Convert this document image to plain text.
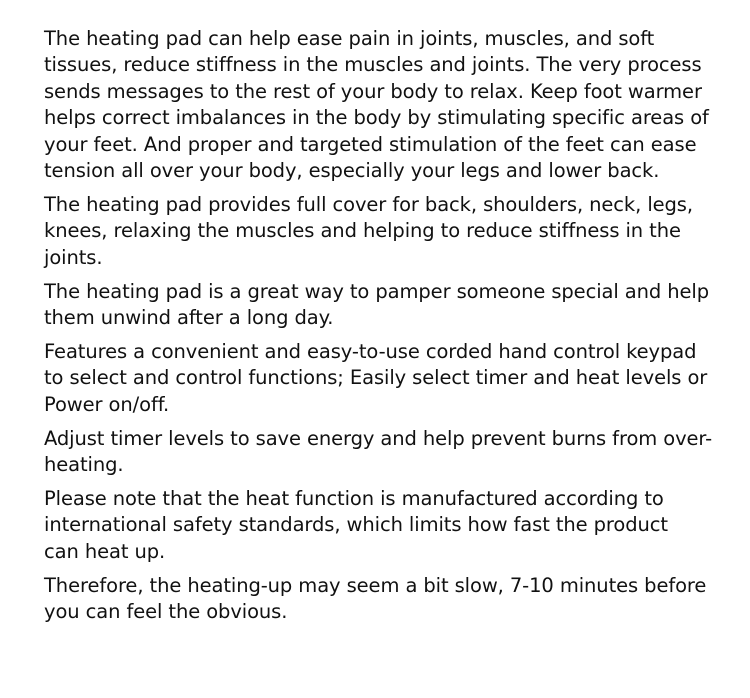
The heating pad can help ease pain in joints, muscles, and soft
tissues, reduce stiffness in the muscles and joints. The very process
sends messages to the rest of your body to relax. Keep foot warmer
helps correct imbalances in the body by stimulating specific areas of
your feet. And proper and targeted stimulation of the feet can ease
tension all over your body, especially your legs and lower back.

The heating pad provides full cover for back, shoulders, neck, legs,
knees, relaxing the muscles and helping to reduce stiffness in the
joints.

The heating pad is a great way to pamper someone special and help
them unwind after a long day.

Features a convenient and easy-to-use corded hand control keypad
to select and control functions; Easily select timer and heat levels or
Power on/off.

Adjust timer levels to save energy and help prevent burns from over-
heating.

Please note that the heat function is manufactured according to
international safety standards, which limits how fast the product
can heat up.

Therefore, the heating-up may seem a bit slow, 7-10 minutes before
you can feel the obvious.
